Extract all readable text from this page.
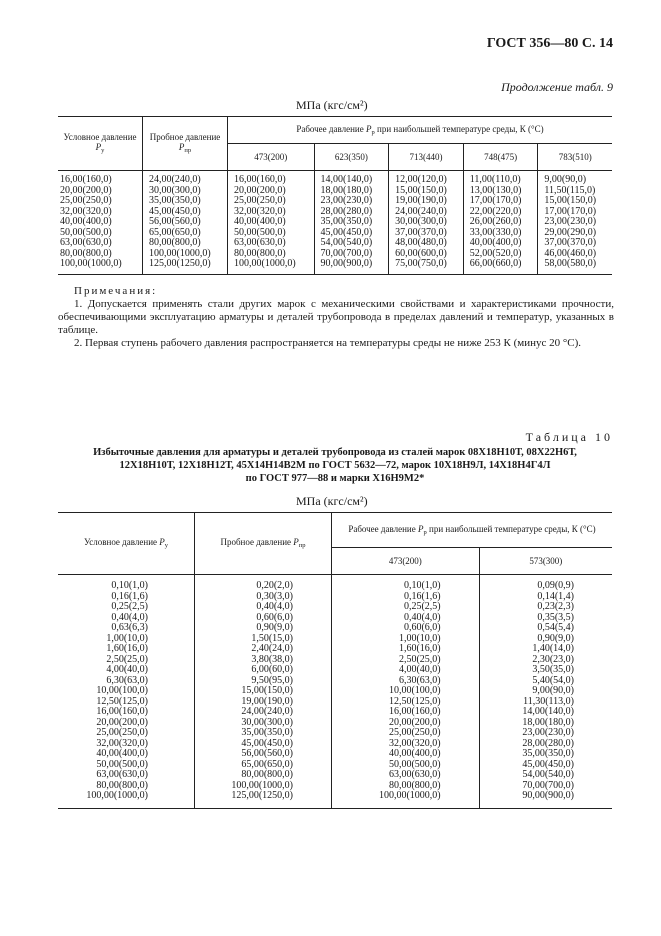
ГОСТ 356—80 С. 14
Продолжение табл. 9
МПа (кгс/см²)
Условное давление $P_у$	Пробное давление $P_{пр}$	Рабочее давление $P_р$ при наибольшей температуре среды, К (°С)				
		473(200)	623(350)	713(440)	748(475)	783(510)
16,00(160,0)	24,00(240,0)	16,00(160,0)	14,00(140,0)	12,00(120,0)	11,00(110,0)	9,00(90,0)
20,00(200,0)	30,00(300,0)	20,00(200,0)	18,00(180,0)	15,00(150,0)	13,00(130,0)	11,50(115,0)
25,00(250,0)	35,00(350,0)	25,00(250,0)	23,00(230,0)	19,00(190,0)	17,00(170,0)	15,00(150,0)
32,00(320,0)	45,00(450,0)	32,00(320,0)	28,00(280,0)	24,00(240,0)	22,00(220,0)	17,00(170,0)
40,00(400,0)	56,00(560,0)	40,00(400,0)	35,00(350,0)	30,00(300,0)	26,00(260,0)	23,00(230,0)
50,00(500,0)	65,00(650,0)	50,00(500,0)	45,00(450,0)	37,00(370,0)	33,00(330,0)	29,00(290,0)
63,00(630,0)	80,00(800,0)	63,00(630,0)	54,00(540,0)	48,00(480,0)	40,00(400,0)	37,00(370,0)
80,00(800,0)	100,00(1000,0)	80,00(800,0)	70,00(700,0)	60,00(600,0)	52,00(520,0)	46,00(460,0)
100,00(1000,0)	125,00(1250,0)	100,00(1000,0)	90,00(900,0)	75,00(750,0)	66,00(660,0)	58,00(580,0)

Примечания:

1. Допускается применять стали других марок с механическими свойствами и характеристиками прочности, обеспечивающими эксплуатацию арматуры и деталей трубопровода в пределах давлений и температур, указанных в таблице.

2. Первая ступень рабочего давления распространяется на температуры среды не ниже 253 К (минус 20 °С).

Таблица 10
Избыточные давления для арматуры и деталей трубопровода из сталей марок 08Х18Н10Т, 08Х22Н6Т,
12Х18Н10Т, 12Х18Н12Т, 45Х14Н14В2М по ГОСТ 5632—72, марок 10Х18Н9Л, 14Х18Н4Г4Л
по ГОСТ 977—88 и марки Х16Н9М2*
МПа (кгс/см²)
Условное давление $P_у$	Пробное давление $P_{пр}$	Рабочее давление $P_р$ при наибольшей температуре среды, К (°С)	
		473(200)	573(300)
0,10(1,0)	0,20(2,0)	0,10(1,0)	0,09(0,9)
0,16(1,6)	0,30(3,0)	0,16(1,6)	0,14(1,4)
0,25(2,5)	0,40(4,0)	0,25(2,5)	0,23(2,3)
0,40(4,0)	0,60(6,0)	0,40(4,0)	0,35(3,5)
0,63(6,3)	0,90(9,0)	0,60(6,0)	0,54(5,4)
1,00(10,0)	1,50(15,0)	1,00(10,0)	0,90(9,0)
1,60(16,0)	2,40(24,0)	1,60(16,0)	1,40(14,0)
2,50(25,0)	3,80(38,0)	2,50(25,0)	2,30(23,0)
4,00(40,0)	6,00(60,0)	4,00(40,0)	3,50(35,0)
6,30(63,0)	9,50(95,0)	6,30(63,0)	5,40(54,0)
10,00(100,0)	15,00(150,0)	10,00(100,0)	9,00(90,0)
12,50(125,0)	19,00(190,0)	12,50(125,0)	11,30(113,0)
16,00(160,0)	24,00(240,0)	16,00(160,0)	14,00(140,0)
20,00(200,0)	30,00(300,0)	20,00(200,0)	18,00(180,0)
25,00(250,0)	35,00(350,0)	25,00(250,0)	23,00(230,0)
32,00(320,0)	45,00(450,0)	32,00(320,0)	28,00(280,0)
40,00(400,0)	56,00(560,0)	40,00(400,0)	35,00(350,0)
50,00(500,0)	65,00(650,0)	50,00(500,0)	45,00(450,0)
63,00(630,0)	80,00(800,0)	63,00(630,0)	54,00(540,0)
80,00(800,0)	100,00(1000,0)	80,00(800,0)	70,00(700,0)
100,00(1000,0)	125,00(1250,0)	100,00(1000,0)	90,00(900,0)
